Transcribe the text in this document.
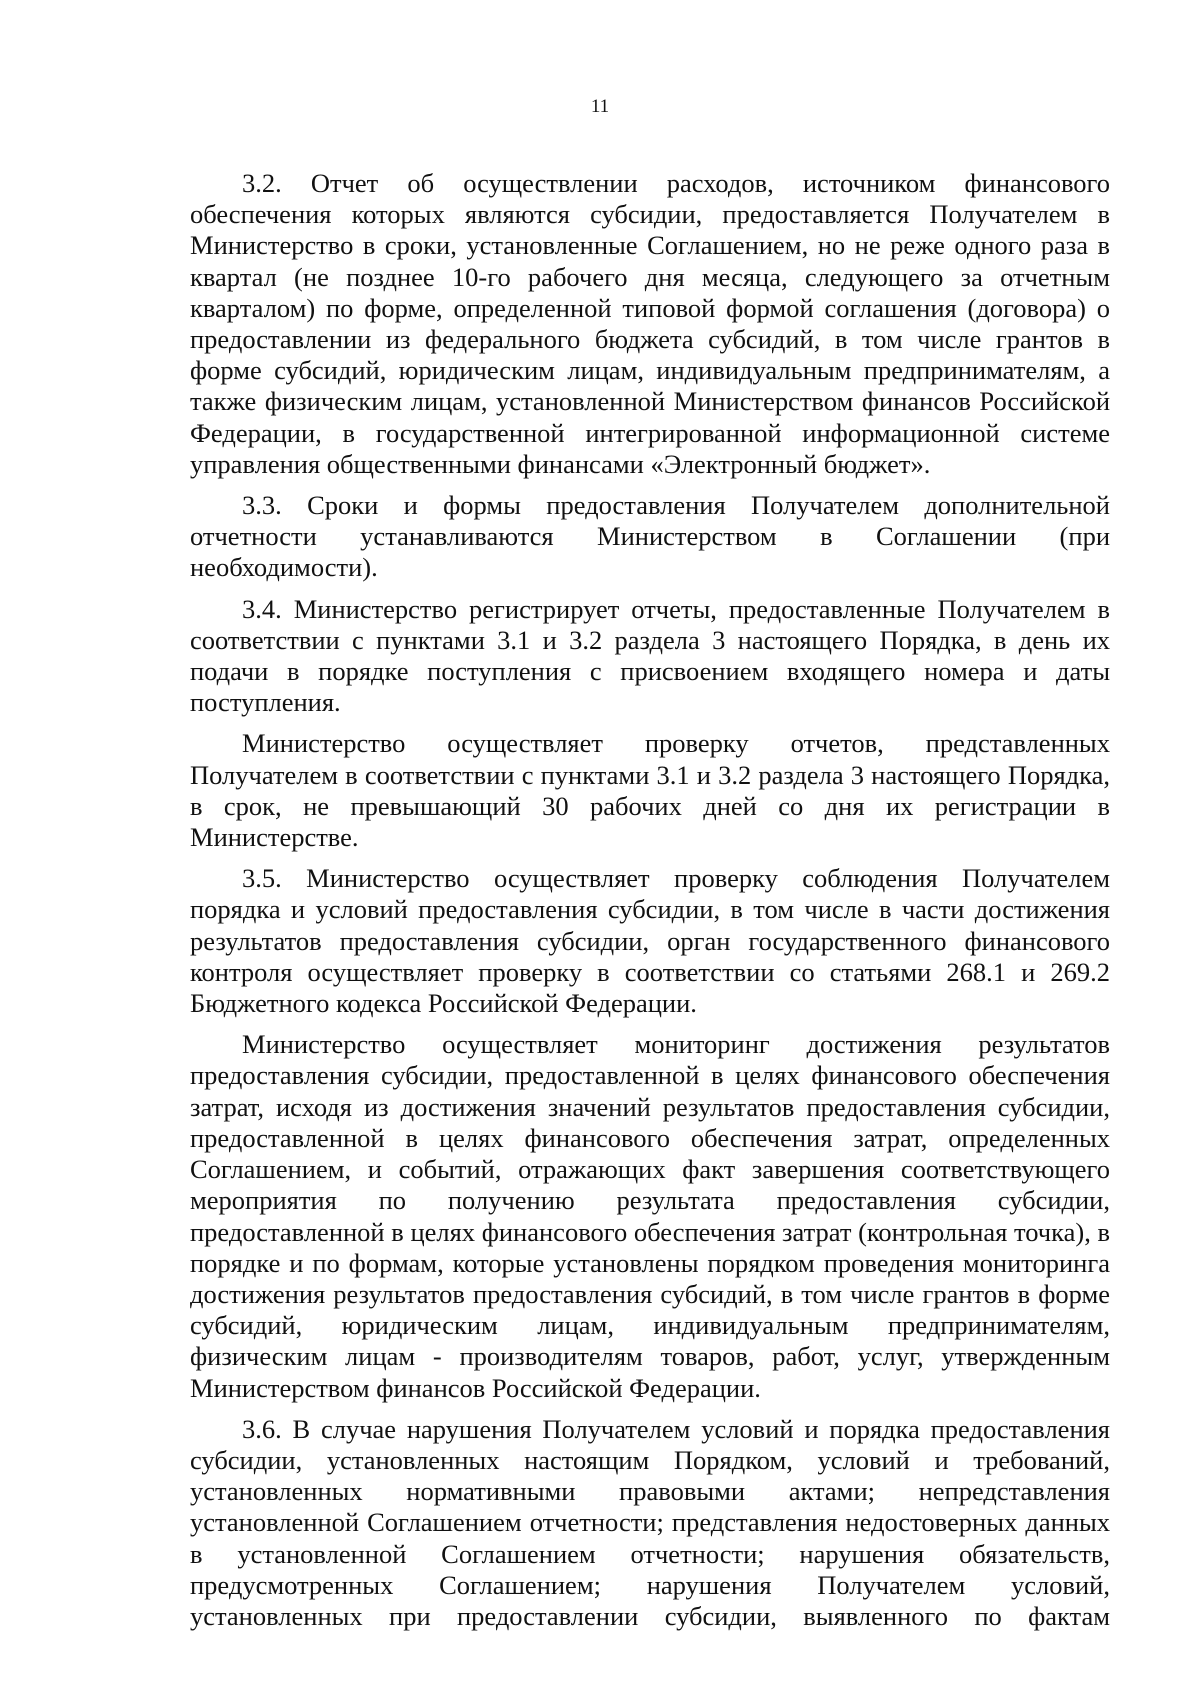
11

3.2. Отчет об осуществлении расходов, источником финансового обеспечения которых являются субсидии, предоставляется Получателем в Министерство в сроки, установленные Соглашением, но не реже одного раза в квартал (не позднее 10-го рабочего дня месяца, следующего за отчетным кварталом) по форме, определенной типовой формой соглашения (договора) о предоставлении из федерального бюджета субсидий, в том числе грантов в форме субсидий, юридическим лицам, индивидуальным предпринимателям, а также физическим лицам, установленной Министерством финансов Российской Федерации, в государственной интегрированной информационной системе управления общественными финансами «Электронный бюджет».

3.3. Сроки и формы предоставления Получателем дополнительной отчетности устанавливаются Министерством в Соглашении (при необходимости).

3.4. Министерство регистрирует отчеты, предоставленные Получателем в соответствии с пунктами 3.1 и 3.2 раздела 3 настоящего Порядка, в день их подачи в порядке поступления с присвоением входящего номера и даты поступления.

Министерство осуществляет проверку отчетов, представленных Получателем в соответствии с пунктами 3.1 и 3.2 раздела 3 настоящего Порядка, в срок, не превышающий 30 рабочих дней со дня их регистрации в Министерстве.

3.5. Министерство осуществляет проверку соблюдения Получателем порядка и условий предоставления субсидии, в том числе в части достижения результатов предоставления субсидии, орган государственного финансового контроля осуществляет проверку в соответствии со статьями 268.1 и 269.2 Бюджетного кодекса Российской Федерации.

Министерство осуществляет мониторинг достижения результатов предоставления субсидии, предоставленной в целях финансового обеспечения затрат, исходя из достижения значений результатов предоставления субсидии, предоставленной в целях финансового обеспечения затрат, определенных Соглашением, и событий, отражающих факт завершения соответствующего мероприятия по получению результата предоставления субсидии, предоставленной в целях финансового обеспечения затрат (контрольная точка), в порядке и по формам, которые установлены порядком проведения мониторинга достижения результатов предоставления субсидий, в том числе грантов в форме субсидий, юридическим лицам, индивидуальным предпринимателям, физическим лицам - производителям товаров, работ, услуг, утвержденным Министерством финансов Российской Федерации.

3.6. В случае нарушения Получателем условий и порядка предоставления субсидии, установленных настоящим Порядком, условий и требований, установленных нормативными правовыми актами; непредставления установленной Соглашением отчетности; представления недостоверных данных в установленной Соглашением отчетности; нарушения обязательств, предусмотренных Соглашением; нарушения Получателем условий, установленных при предоставлении субсидии, выявленного по фактам
